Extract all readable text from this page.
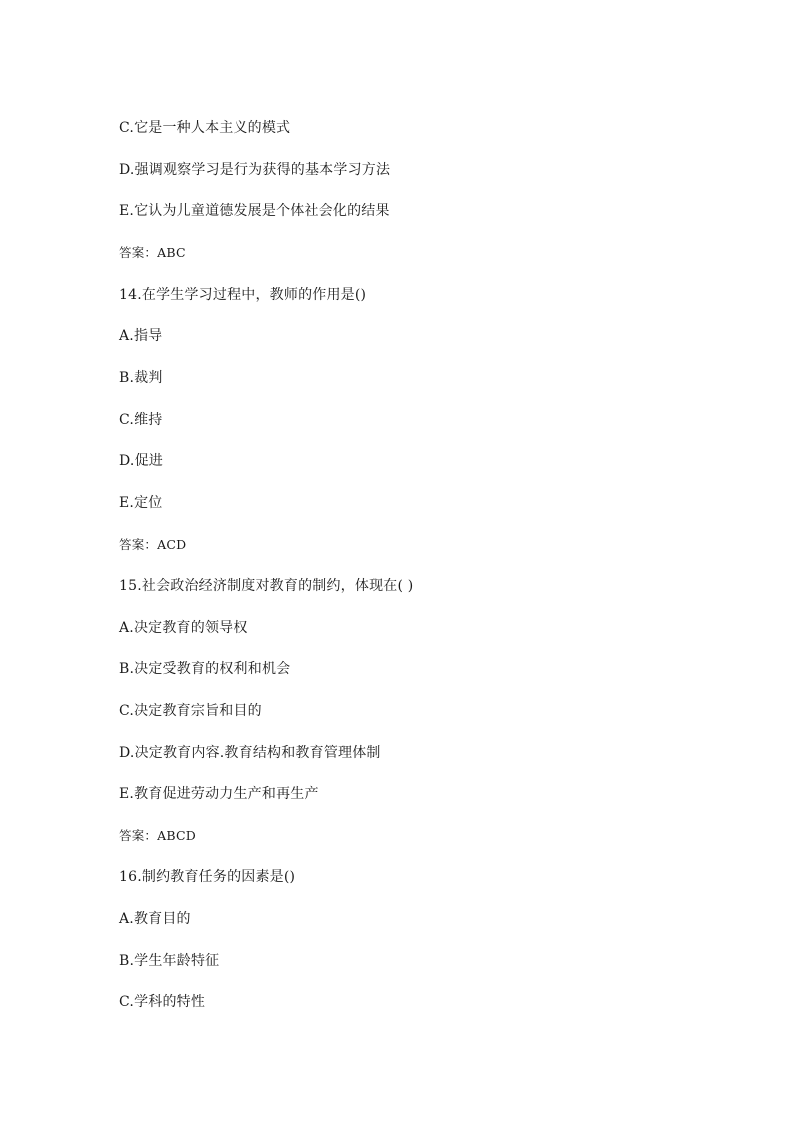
C.它是一种人本主义的模式
D.强调观察学习是行为获得的基本学习方法
E.它认为儿童道德发展是个体社会化的结果
答案：ABC
14.在学生学习过程中，教师的作用是()
A.指导
B.裁判
C.维持
D.促进
E.定位
答案：ACD
15.社会政治经济制度对教育的制约，体现在( )
A.决定教育的领导权
B.决定受教育的权利和机会
C.决定教育宗旨和目的
D.决定教育内容.教育结构和教育管理体制
E.教育促进劳动力生产和再生产
答案：ABCD
16.制约教育任务的因素是()
A.教育目的
B.学生年龄特征
C.学科的特性
